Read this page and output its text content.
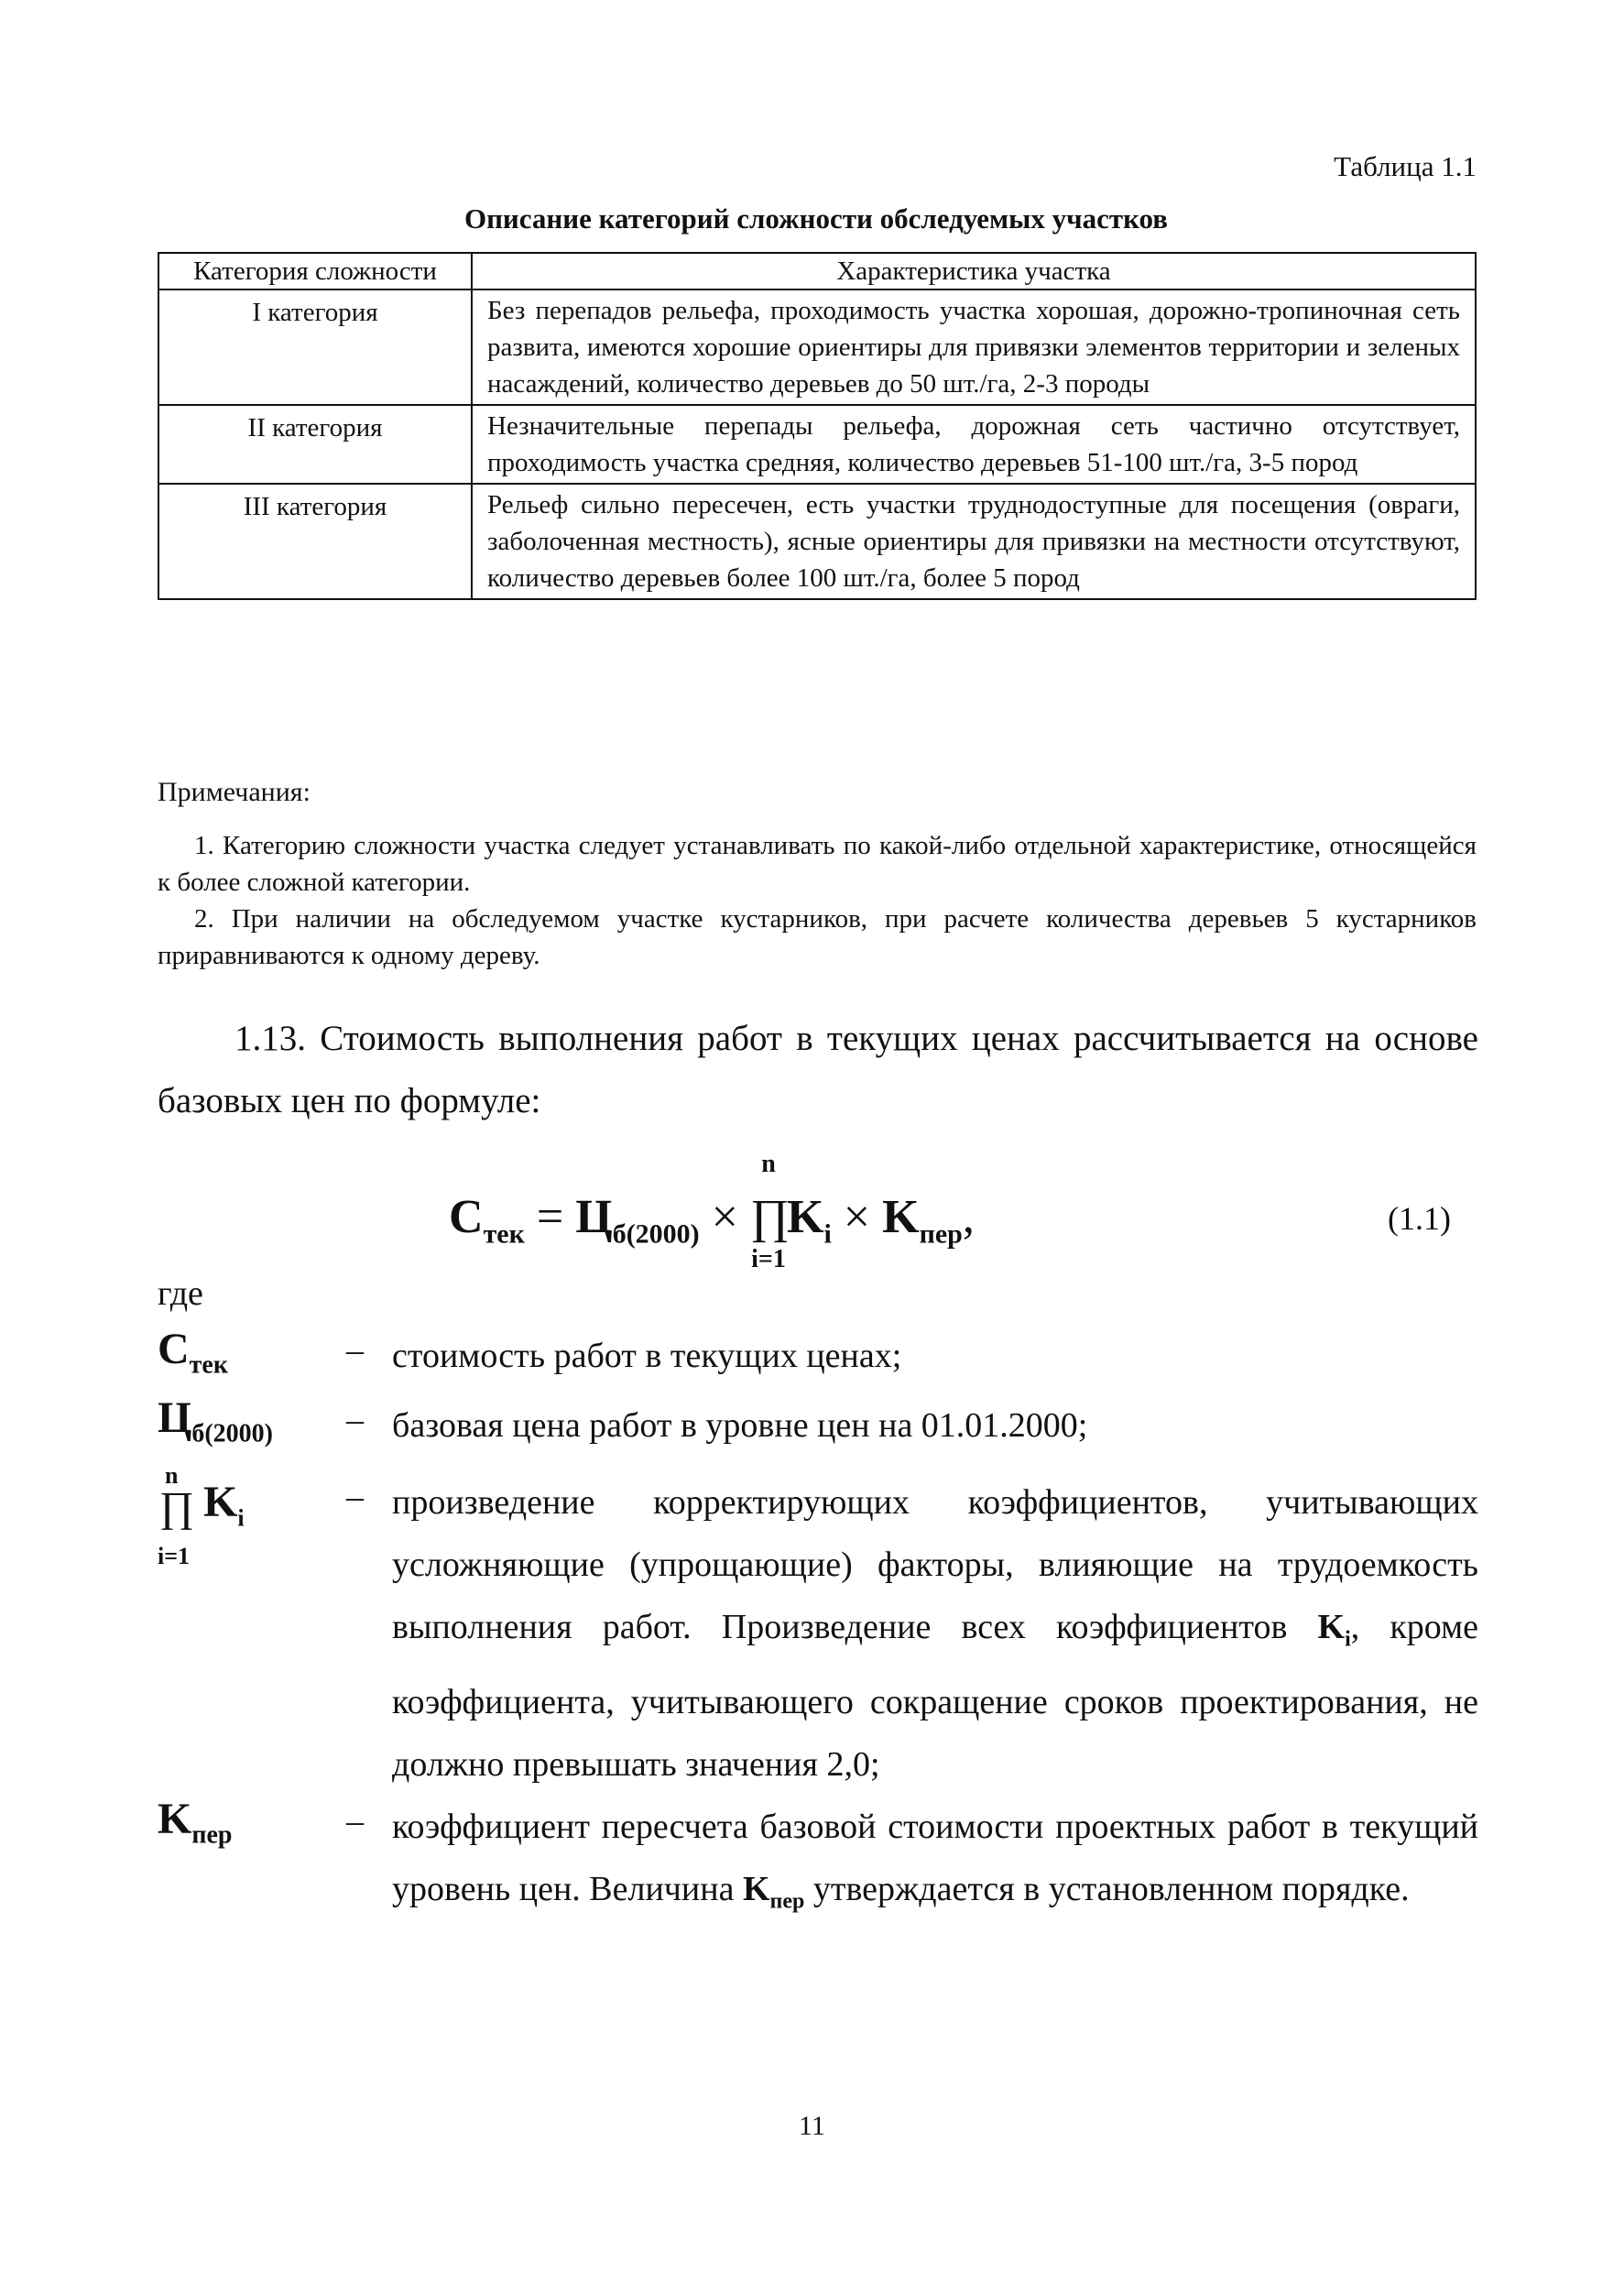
Таблица 1.1
Описание категорий сложности обследуемых участков
Категория сложности	Характеристика участка
I категория	Без перепадов рельефа, проходимость участка хорошая, дорожно-тропиночная сеть развита, имеются хорошие ориентиры для привязки элементов территории и зеленых насаждений, количество деревьев до 50 шт./га, 2-3 породы
II категория	Незначительные перепады рельефа, дорожная сеть частично отсутствует, проходимость участка средняя, количество деревьев 51-100 шт./га, 3-5 пород
III категория	Рельеф сильно пересечен, есть участки труднодоступные для посещения (овраги, заболоченная местность), ясные ориентиры для привязки на местности отсутствуют, количество деревьев более 100 шт./га, более 5 пород
Примечания:
1. Категорию сложности участка следует устанавливать по какой-либо отдельной характеристике, относящейся к более сложной категории.
2. При наличии на обследуемом участке кустарников, при расчете количества деревьев 5 кустарников приравниваются к одному дереву.
1.13. Стоимость выполнения работ в текущих ценах рассчитывается на основе базовых цен по формуле:
$С_{тек} = Ц_{б(2000)}$ ×
n
∏
i=1
$K_i \times K_{пер}$,	(1.1)
где
$С_{тек}$	– стоимость работ в текущих ценах;
$Ц_{б(2000)}$ – базовая цена работ в уровне цен на 01.01.2000;
n
∏ $K_i$
i=1
– произведение корректирующих коэффициентов, учитывающих усложняющие (упрощающие) факторы, влияющие на трудоемкость выполнения работ. Произведение всех коэффициентов $K_i$, кроме коэффициента, учитывающего сокращение сроков проектирования, не должно превышать значения 2,0;
$K_{пер}$	– коэффициент пересчета базовой стоимости проектных работ в текущий уровень цен. Величина $K_{пер}$ утверждается в установленном порядке.
11
